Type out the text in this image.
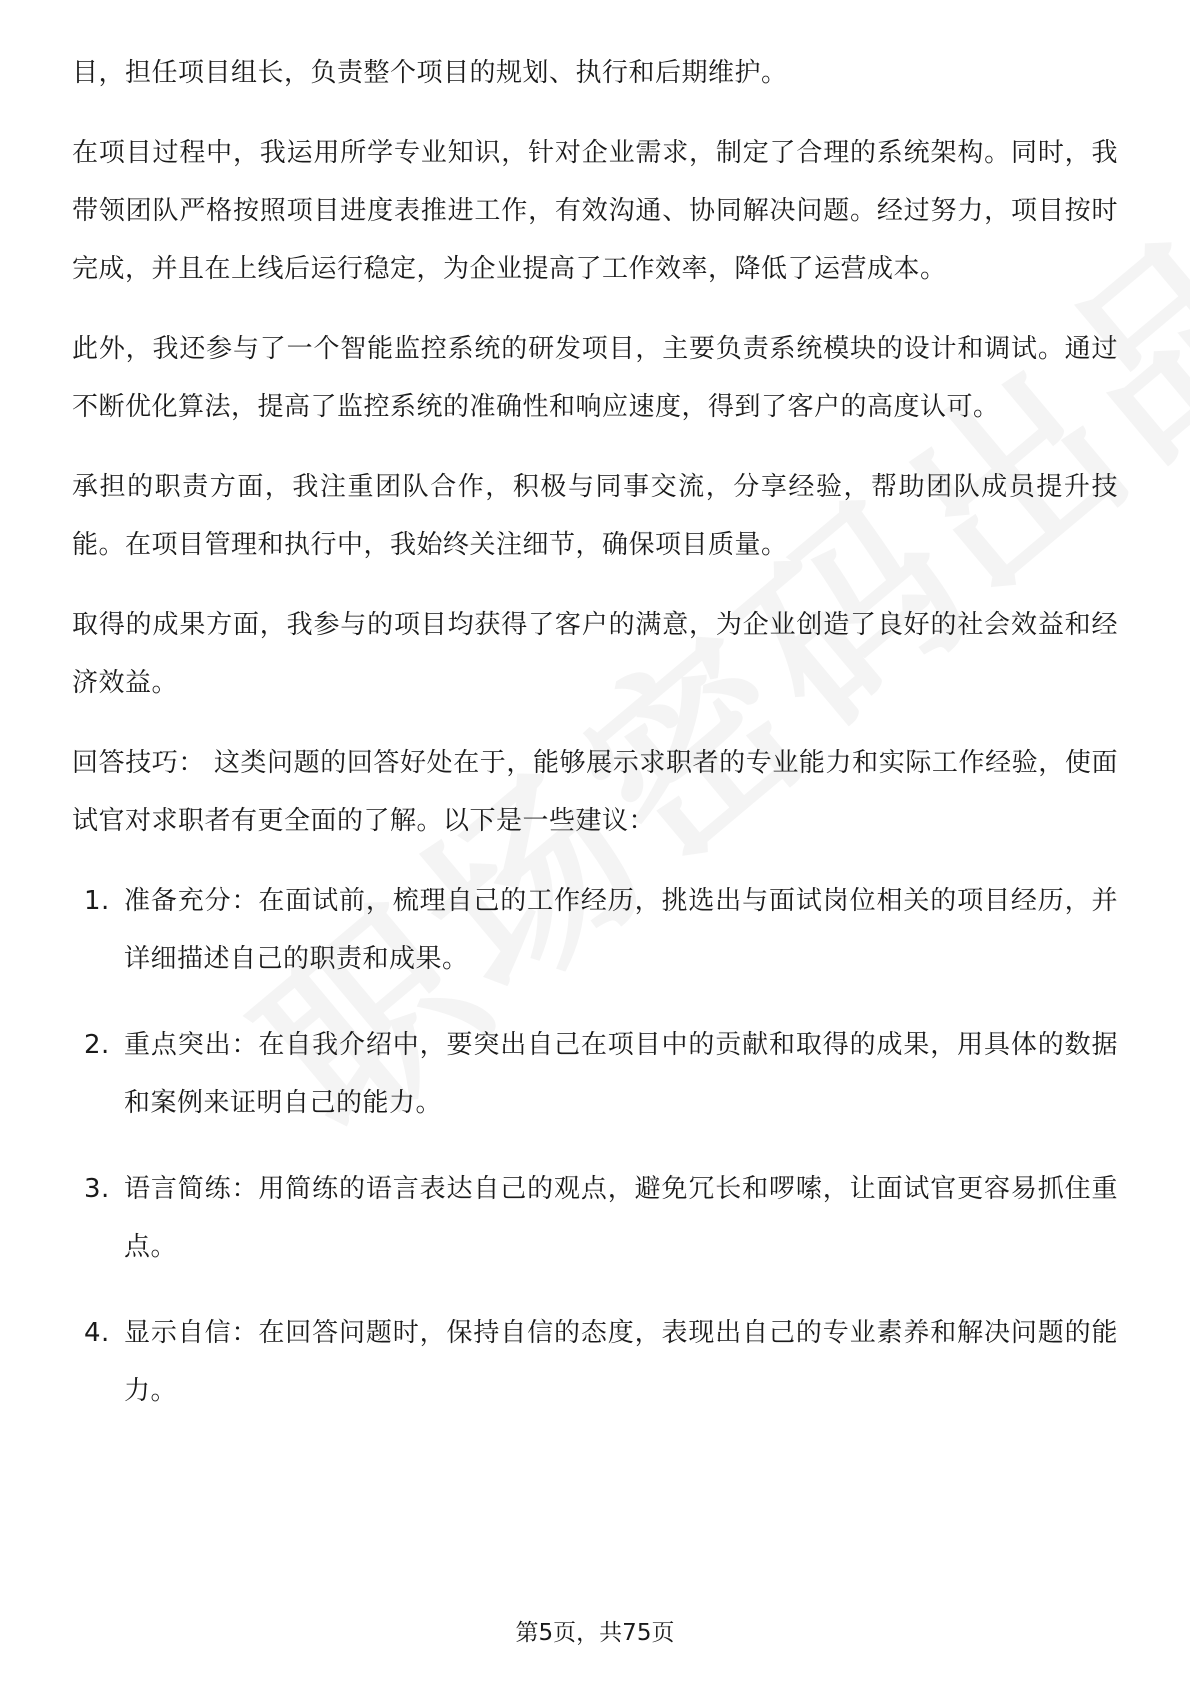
目，担任项目组长，负责整个项目的规划、执行和后期维护。

在项目过程中，我运用所学专业知识，针对企业需求，制定了合理的系统架构。同时，我带领团队严格按照项目进度表推进工作，有效沟通、协同解决问题。经过努力，项目按时完成，并且在上线后运行稳定，为企业提高了工作效率，降低了运营成本。

此外，我还参与了一个智能监控系统的研发项目，主要负责系统模块的设计和调试。通过不断优化算法，提高了监控系统的准确性和响应速度，得到了客户的高度认可。

承担的职责方面，我注重团队合作，积极与同事交流，分享经验，帮助团队成员提升技能。在项目管理和执行中，我始终关注细节，确保项目质量。

取得的成果方面，我参与的项目均获得了客户的满意，为企业创造了良好的社会效益和经济效益。

回答技巧： 这类问题的回答好处在于，能够展示求职者的专业能力和实际工作经验，使面试官对求职者有更全面的了解。以下是一些建议：

1. 准备充分：在面试前，梳理自己的工作经历，挑选出与面试岗位相关的项目经历，并详细描述自己的职责和成果。
2. 重点突出：在自我介绍中，要突出自己在项目中的贡献和取得的成果，用具体的数据和案例来证明自己的能力。
3. 语言简练：用简练的语言表达自己的观点，避免冗长和啰嗦，让面试官更容易抓住重点。
4. 显示自信：在回答问题时，保持自信的态度，表现出自己的专业素养和解决问题的能力。
第5页，共75页
